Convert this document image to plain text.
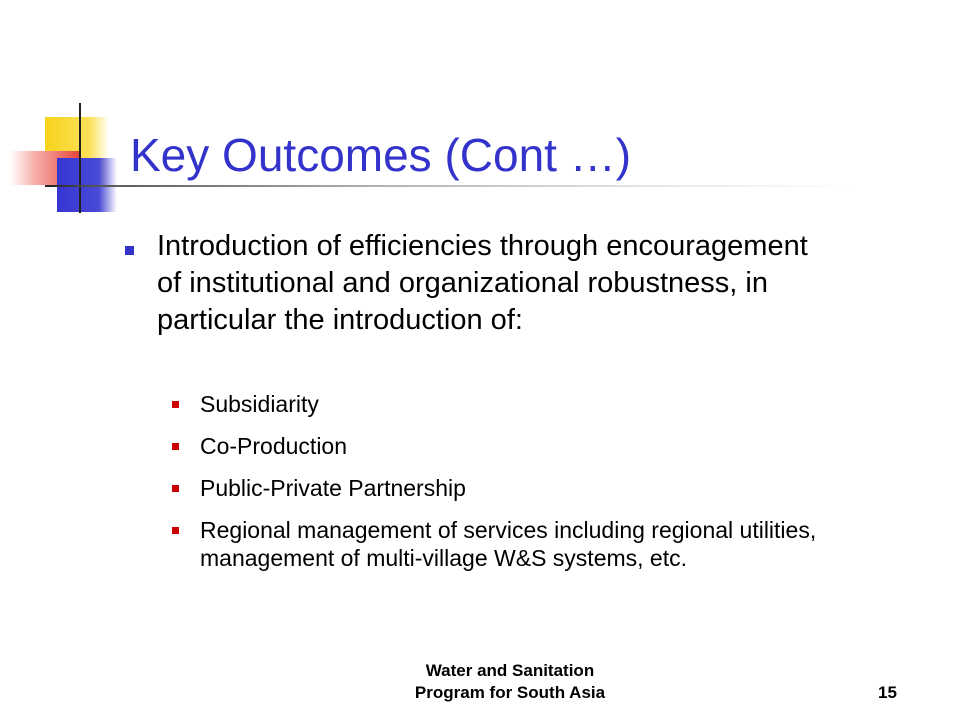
Key Outcomes (Cont …)
Introduction of efficiencies through encouragement of institutional and organizational robustness, in particular the introduction of:
Subsidiarity
Co-Production
Public-Private Partnership
Regional management of services including regional utilities, management of multi-village W&S systems, etc.
Water and Sanitation
Program for South Asia	15
